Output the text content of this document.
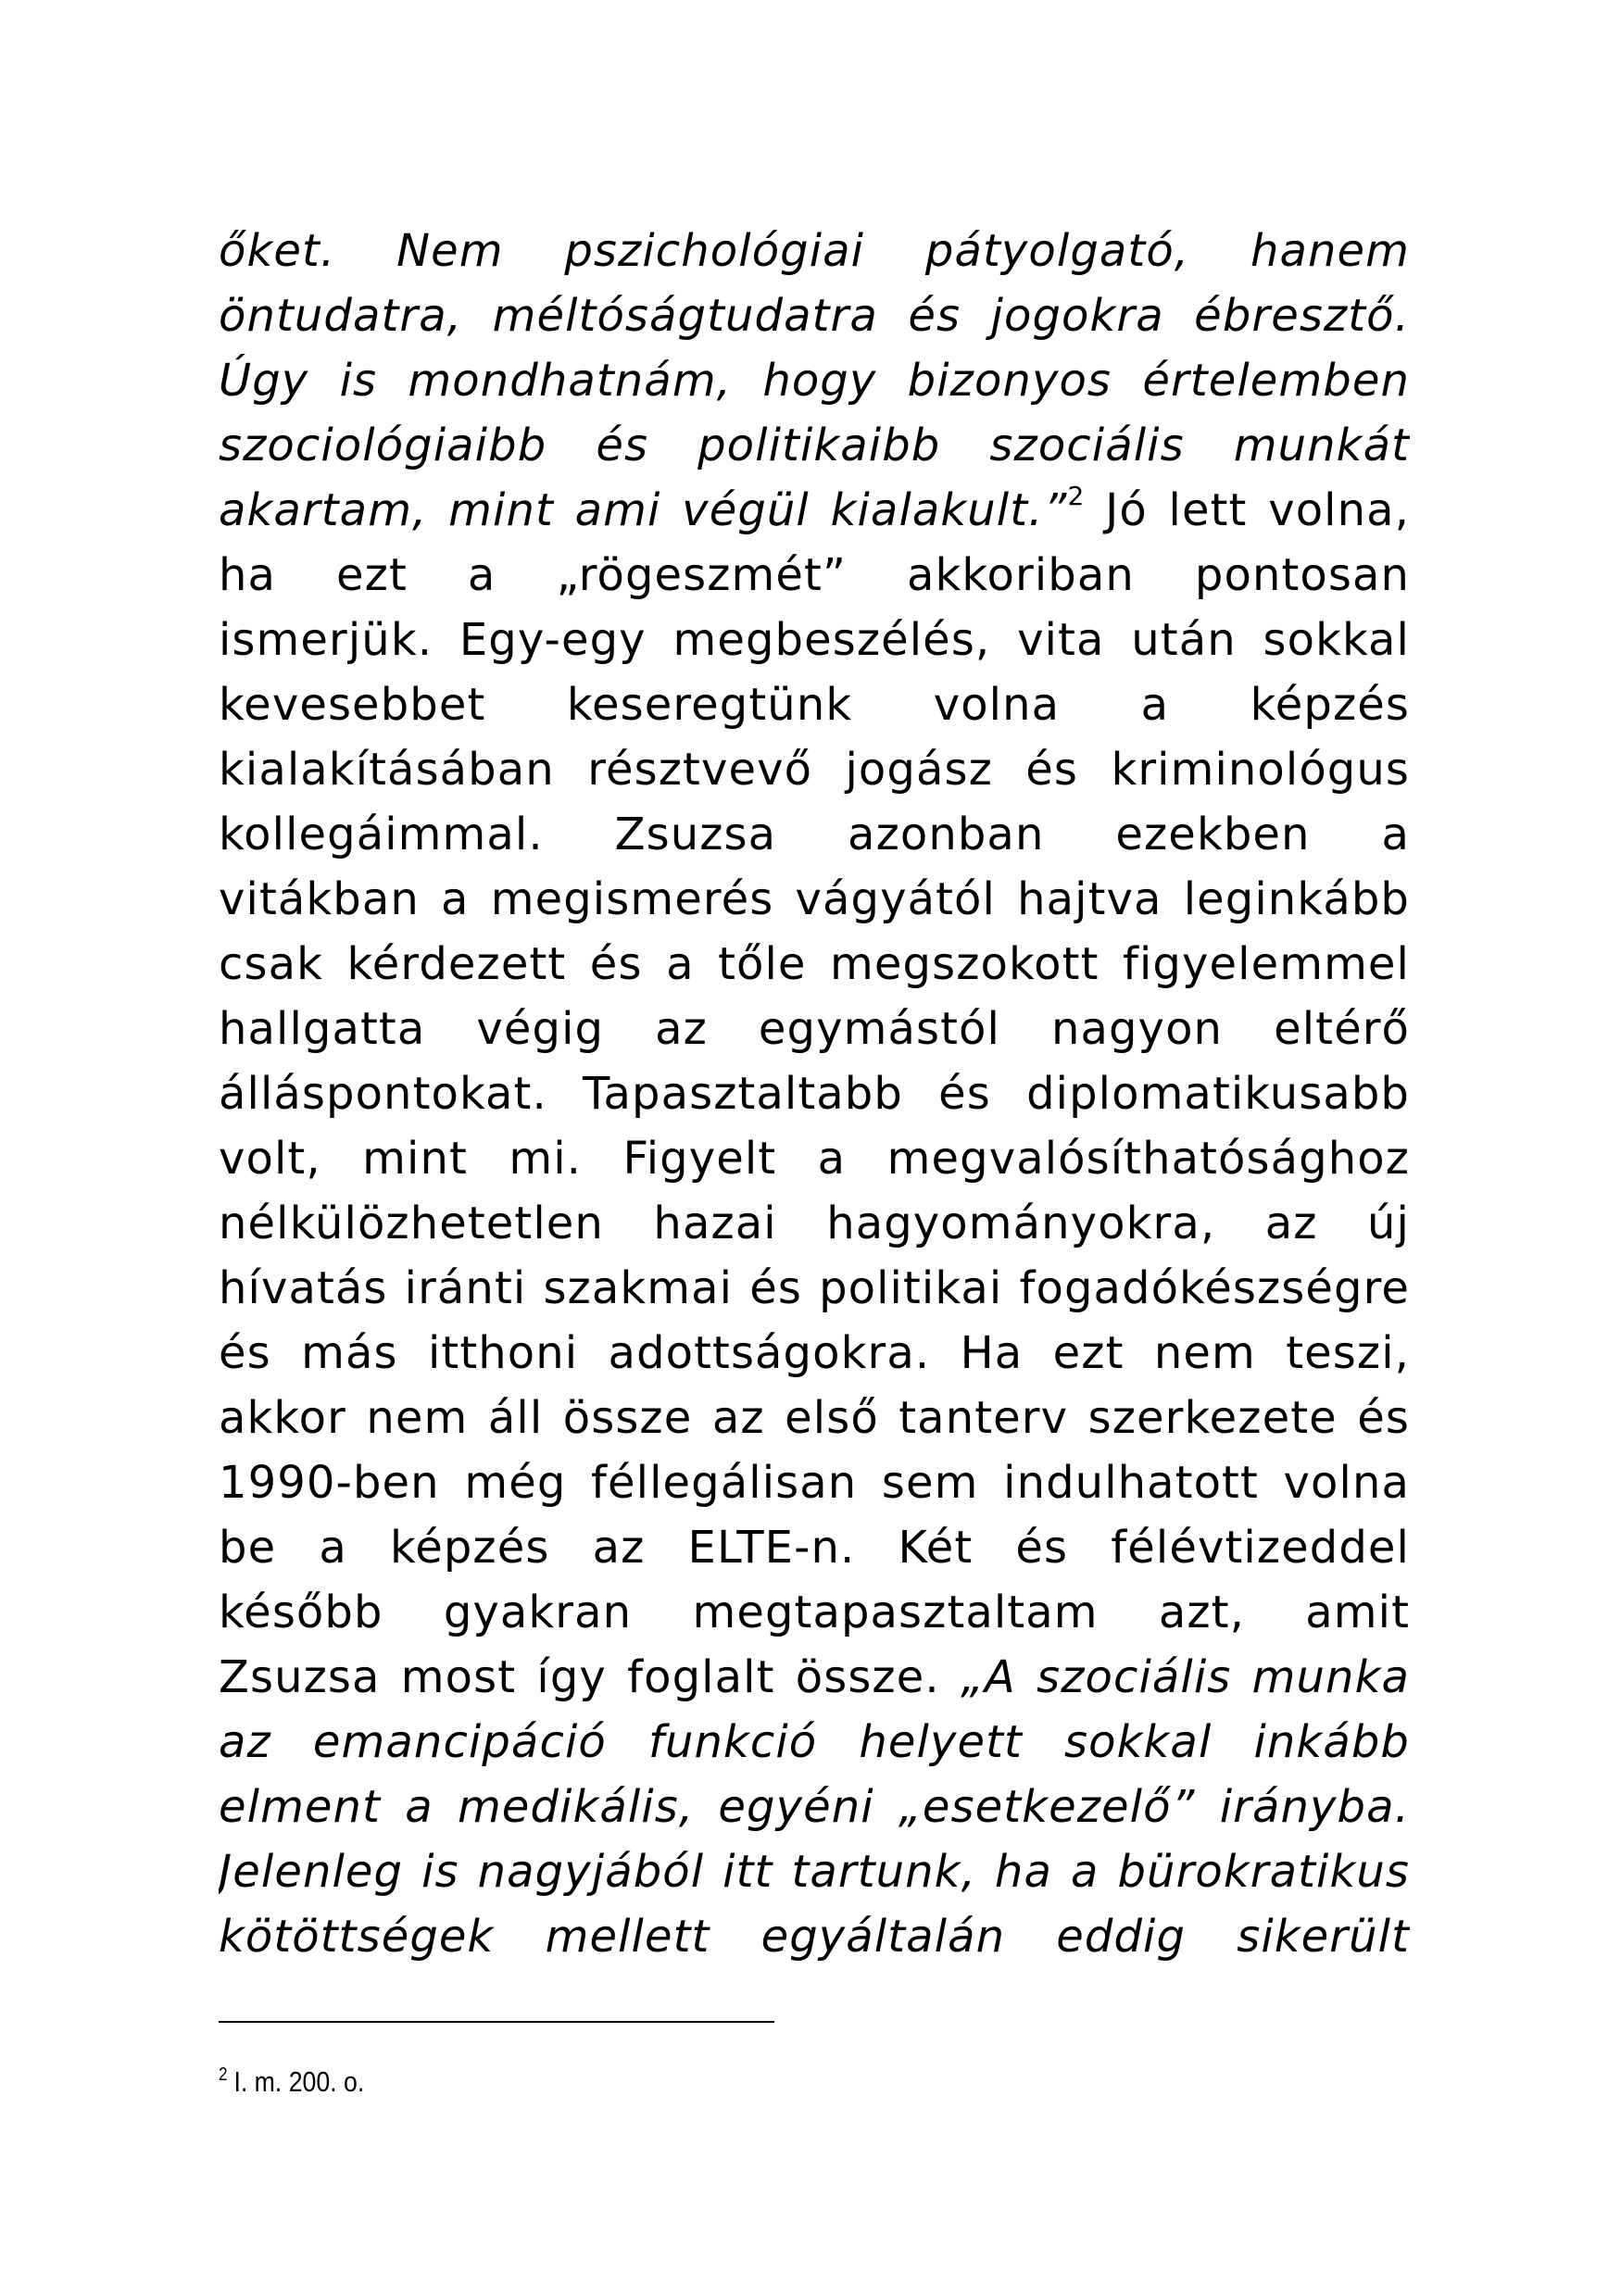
őket. Nem pszichológiai pátyolgató, hanem
öntudatra, méltóságtudatra és jogokra ébresztő.
Úgy is mondhatnám, hogy bizonyos értelemben
szociológiaibb és politikaibb szociális munkát
akartam, mint ami végül kialakult.”$^2$ Jó lett volna,
ha ezt a „rögeszmét” akkoriban pontosan
ismerjük. Egy-egy megbeszélés, vita után sokkal
kevesebbet keseregtünk volna a képzés
kialakításában résztvevő jogász és kriminológus
kollegáimmal. Zsuzsa azonban ezekben a
vitákban a megismerés vágyától hajtva leginkább
csak kérdezett és a tőle megszokott figyelemmel
hallgatta végig az egymástól nagyon eltérő
álláspontokat. Tapasztaltabb és diplomatikusabb
volt, mint mi. Figyelt a megvalósíthatósághoz
nélkülözhetetlen hazai hagyományokra, az új
hívatás iránti szakmai és politikai fogadókészségre
és más itthoni adottságokra. Ha ezt nem teszi,
akkor nem áll össze az első tanterv szerkezete és
1990-ben még féllegálisan sem indulhatott volna
be a képzés az ELTE-n. Két és félévtizeddel
később gyakran megtapasztaltam azt, amit
Zsuzsa most így foglalt össze. „A szociális munka
az emancipáció funkció helyett sokkal inkább
elment a medikális, egyéni „esetkezelő” irányba.
Jelenleg is nagyjából itt tartunk, ha a bürokratikus
kötöttségek mellett egyáltalán eddig sikerült
$^2$ I. m. 200. o.
